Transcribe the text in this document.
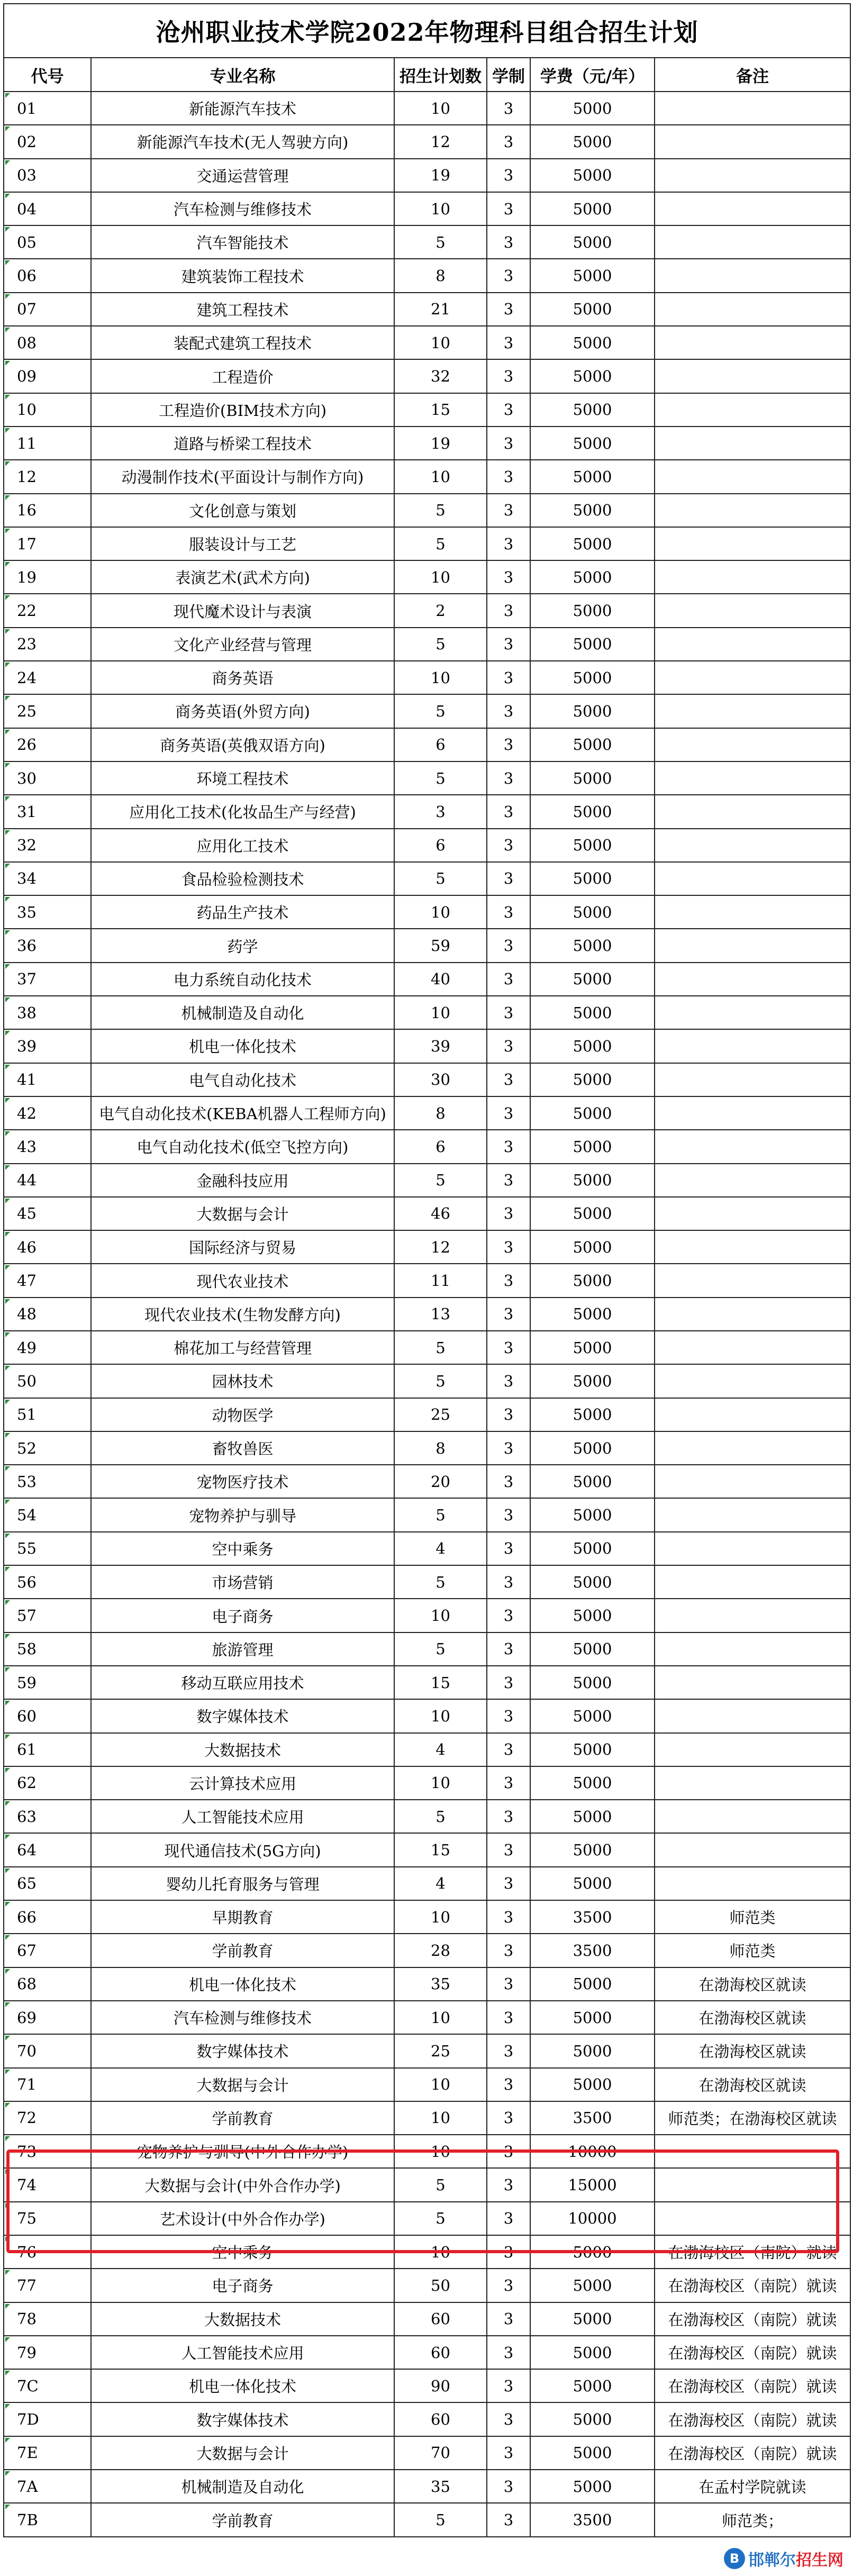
沧州职业技术学院2022年物理科目组合招生计划					
代号	专业名称	招生计划数	学制	学费（元/年）	备注
01	新能源汽车技术	10	3	5000	
02	新能源汽车技术(无人驾驶方向)	12	3	5000	
03	交通运营管理	19	3	5000	
04	汽车检测与维修技术	10	3	5000	
05	汽车智能技术	5	3	5000	
06	建筑装饰工程技术	8	3	5000	
07	建筑工程技术	21	3	5000	
08	装配式建筑工程技术	10	3	5000	
09	工程造价	32	3	5000	
10	工程造价(BIM技术方向)	15	3	5000	
11	道路与桥梁工程技术	19	3	5000	
12	动漫制作技术(平面设计与制作方向)	10	3	5000	
16	文化创意与策划	5	3	5000	
17	服装设计与工艺	5	3	5000	
19	表演艺术(武术方向)	10	3	5000	
22	现代魔术设计与表演	2	3	5000	
23	文化产业经营与管理	5	3	5000	
24	商务英语	10	3	5000	
25	商务英语(外贸方向)	5	3	5000	
26	商务英语(英俄双语方向)	6	3	5000	
30	环境工程技术	5	3	5000	
31	应用化工技术(化妆品生产与经营)	3	3	5000	
32	应用化工技术	6	3	5000	
34	食品检验检测技术	5	3	5000	
35	药品生产技术	10	3	5000	
36	药学	59	3	5000	
37	电力系统自动化技术	40	3	5000	
38	机械制造及自动化	10	3	5000	
39	机电一体化技术	39	3	5000	
41	电气自动化技术	30	3	5000	
42	电气自动化技术(KEBA机器人工程师方向)	8	3	5000	
43	电气自动化技术(低空飞控方向)	6	3	5000	
44	金融科技应用	5	3	5000	
45	大数据与会计	46	3	5000	
46	国际经济与贸易	12	3	5000	
47	现代农业技术	11	3	5000	
48	现代农业技术(生物发酵方向)	13	3	5000	
49	棉花加工与经营管理	5	3	5000	
50	园林技术	5	3	5000	
51	动物医学	25	3	5000	
52	畜牧兽医	8	3	5000	
53	宠物医疗技术	20	3	5000	
54	宠物养护与驯导	5	3	5000	
55	空中乘务	4	3	5000	
56	市场营销	5	3	5000	
57	电子商务	10	3	5000	
58	旅游管理	5	3	5000	
59	移动互联应用技术	15	3	5000	
60	数字媒体技术	10	3	5000	
61	大数据技术	4	3	5000	
62	云计算技术应用	10	3	5000	
63	人工智能技术应用	5	3	5000	
64	现代通信技术(5G方向)	15	3	5000	
65	婴幼儿托育服务与管理	4	3	5000	
66	早期教育	10	3	3500	师范类
67	学前教育	28	3	3500	师范类
68	机电一体化技术	35	3	5000	在渤海校区就读
69	汽车检测与维修技术	10	3	5000	在渤海校区就读
70	数字媒体技术	25	3	5000	在渤海校区就读
71	大数据与会计	10	3	5000	在渤海校区就读
72	学前教育	10	3	3500	师范类；在渤海校区就读
73	宠物养护与驯导(中外合作办学)	10	3	10000	
74	大数据与会计(中外合作办学)	5	3	15000	
75	艺术设计(中外合作办学)	5	3	10000	
76	空中乘务	10	3	5000	在渤海校区（南院）就读
77	电子商务	50	3	5000	在渤海校区（南院）就读
78	大数据技术	60	3	5000	在渤海校区（南院）就读
79	人工智能技术应用	60	3	5000	在渤海校区（南院）就读
7C	机电一体化技术	90	3	5000	在渤海校区（南院）就读
7D	数字媒体技术	60	3	5000	在渤海校区（南院）就读
7E	大数据与会计	70	3	5000	在渤海校区（南院）就读
7A	机械制造及自动化	35	3	5000	在孟村学院就读
7B	学前教育	5	3	3500	师范类；
B 邯郸尔招生网
